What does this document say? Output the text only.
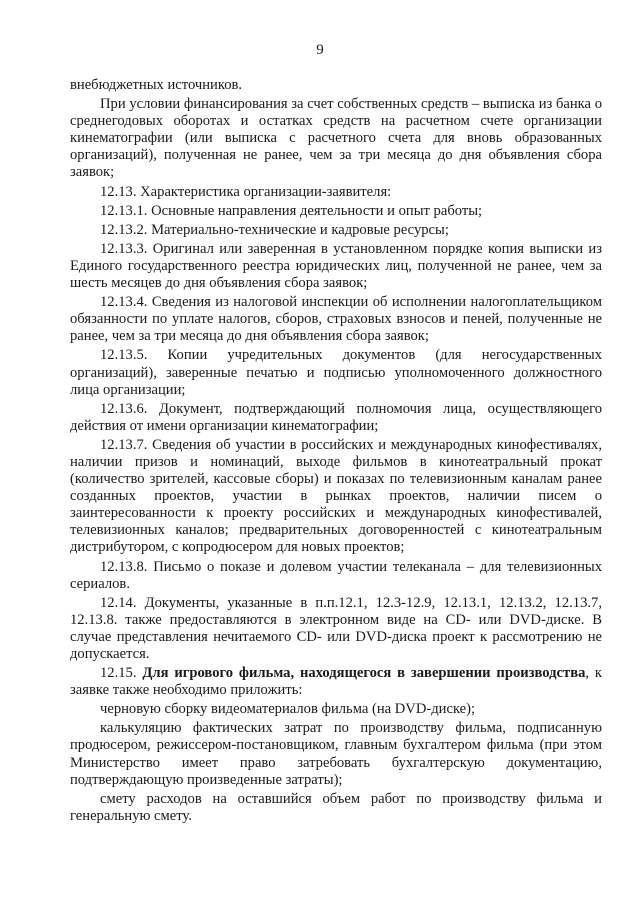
9

внебюджетных источников.

При условии финансирования за счет собственных средств – выписка из банка о среднегодовых оборотах и остатках средств на расчетном счете организации кинематографии (или выписка с расчетного счета для вновь образованных организаций), полученная не ранее, чем за три месяца до дня объявления сбора заявок;

12.13. Характеристика организации-заявителя:

12.13.1. Основные направления деятельности и опыт работы;

12.13.2. Материально-технические и кадровые ресурсы;

12.13.3. Оригинал или заверенная в установленном порядке копия выписки из Единого государственного реестра юридических лиц, полученной не ранее, чем за шесть месяцев до дня объявления сбора заявок;

12.13.4. Сведения из налоговой инспекции об исполнении налогоплательщиком обязанности по уплате налогов, сборов, страховых взносов и пеней, полученные не ранее, чем за три месяца до дня объявления сбора заявок;

12.13.5. Копии учредительных документов (для негосударственных организаций), заверенные печатью и подписью уполномоченного должностного лица организации;

12.13.6. Документ, подтверждающий полномочия лица, осуществляющего действия от имени организации кинематографии;

12.13.7. Сведения об участии в российских и международных кинофестивалях, наличии призов и номинаций, выходе фильмов в кинотеатральный прокат (количество зрителей, кассовые сборы) и показах по телевизионным каналам ранее созданных проектов, участии в рынках проектов, наличии писем о заинтересованности к проекту российских и международных кинофестивалей, телевизионных каналов; предварительных договоренностей с кинотеатральным дистрибутором, с копродюсером для новых проектов;

12.13.8. Письмо о показе и долевом участии телеканала – для телевизионных сериалов.

12.14. Документы, указанные в п.п.12.1, 12.3-12.9, 12.13.1, 12.13.2, 12.13.7, 12.13.8. также предоставляются в электронном виде на CD- или DVD-диске. В случае представления нечитаемого CD- или DVD-диска проект к рассмотрению не допускается.

12.15. Для игрового фильма, находящегося в завершении производства, к заявке также необходимо приложить:

черновую сборку видеоматериалов фильма (на DVD-диске);

калькуляцию фактических затрат по производству фильма, подписанную продюсером, режиссером-постановщиком, главным бухгалтером фильма (при этом Министерство имеет право затребовать бухгалтерскую документацию, подтверждающую произведенные затраты);

смету расходов на оставшийся объем работ по производству фильма и генеральную смету.
